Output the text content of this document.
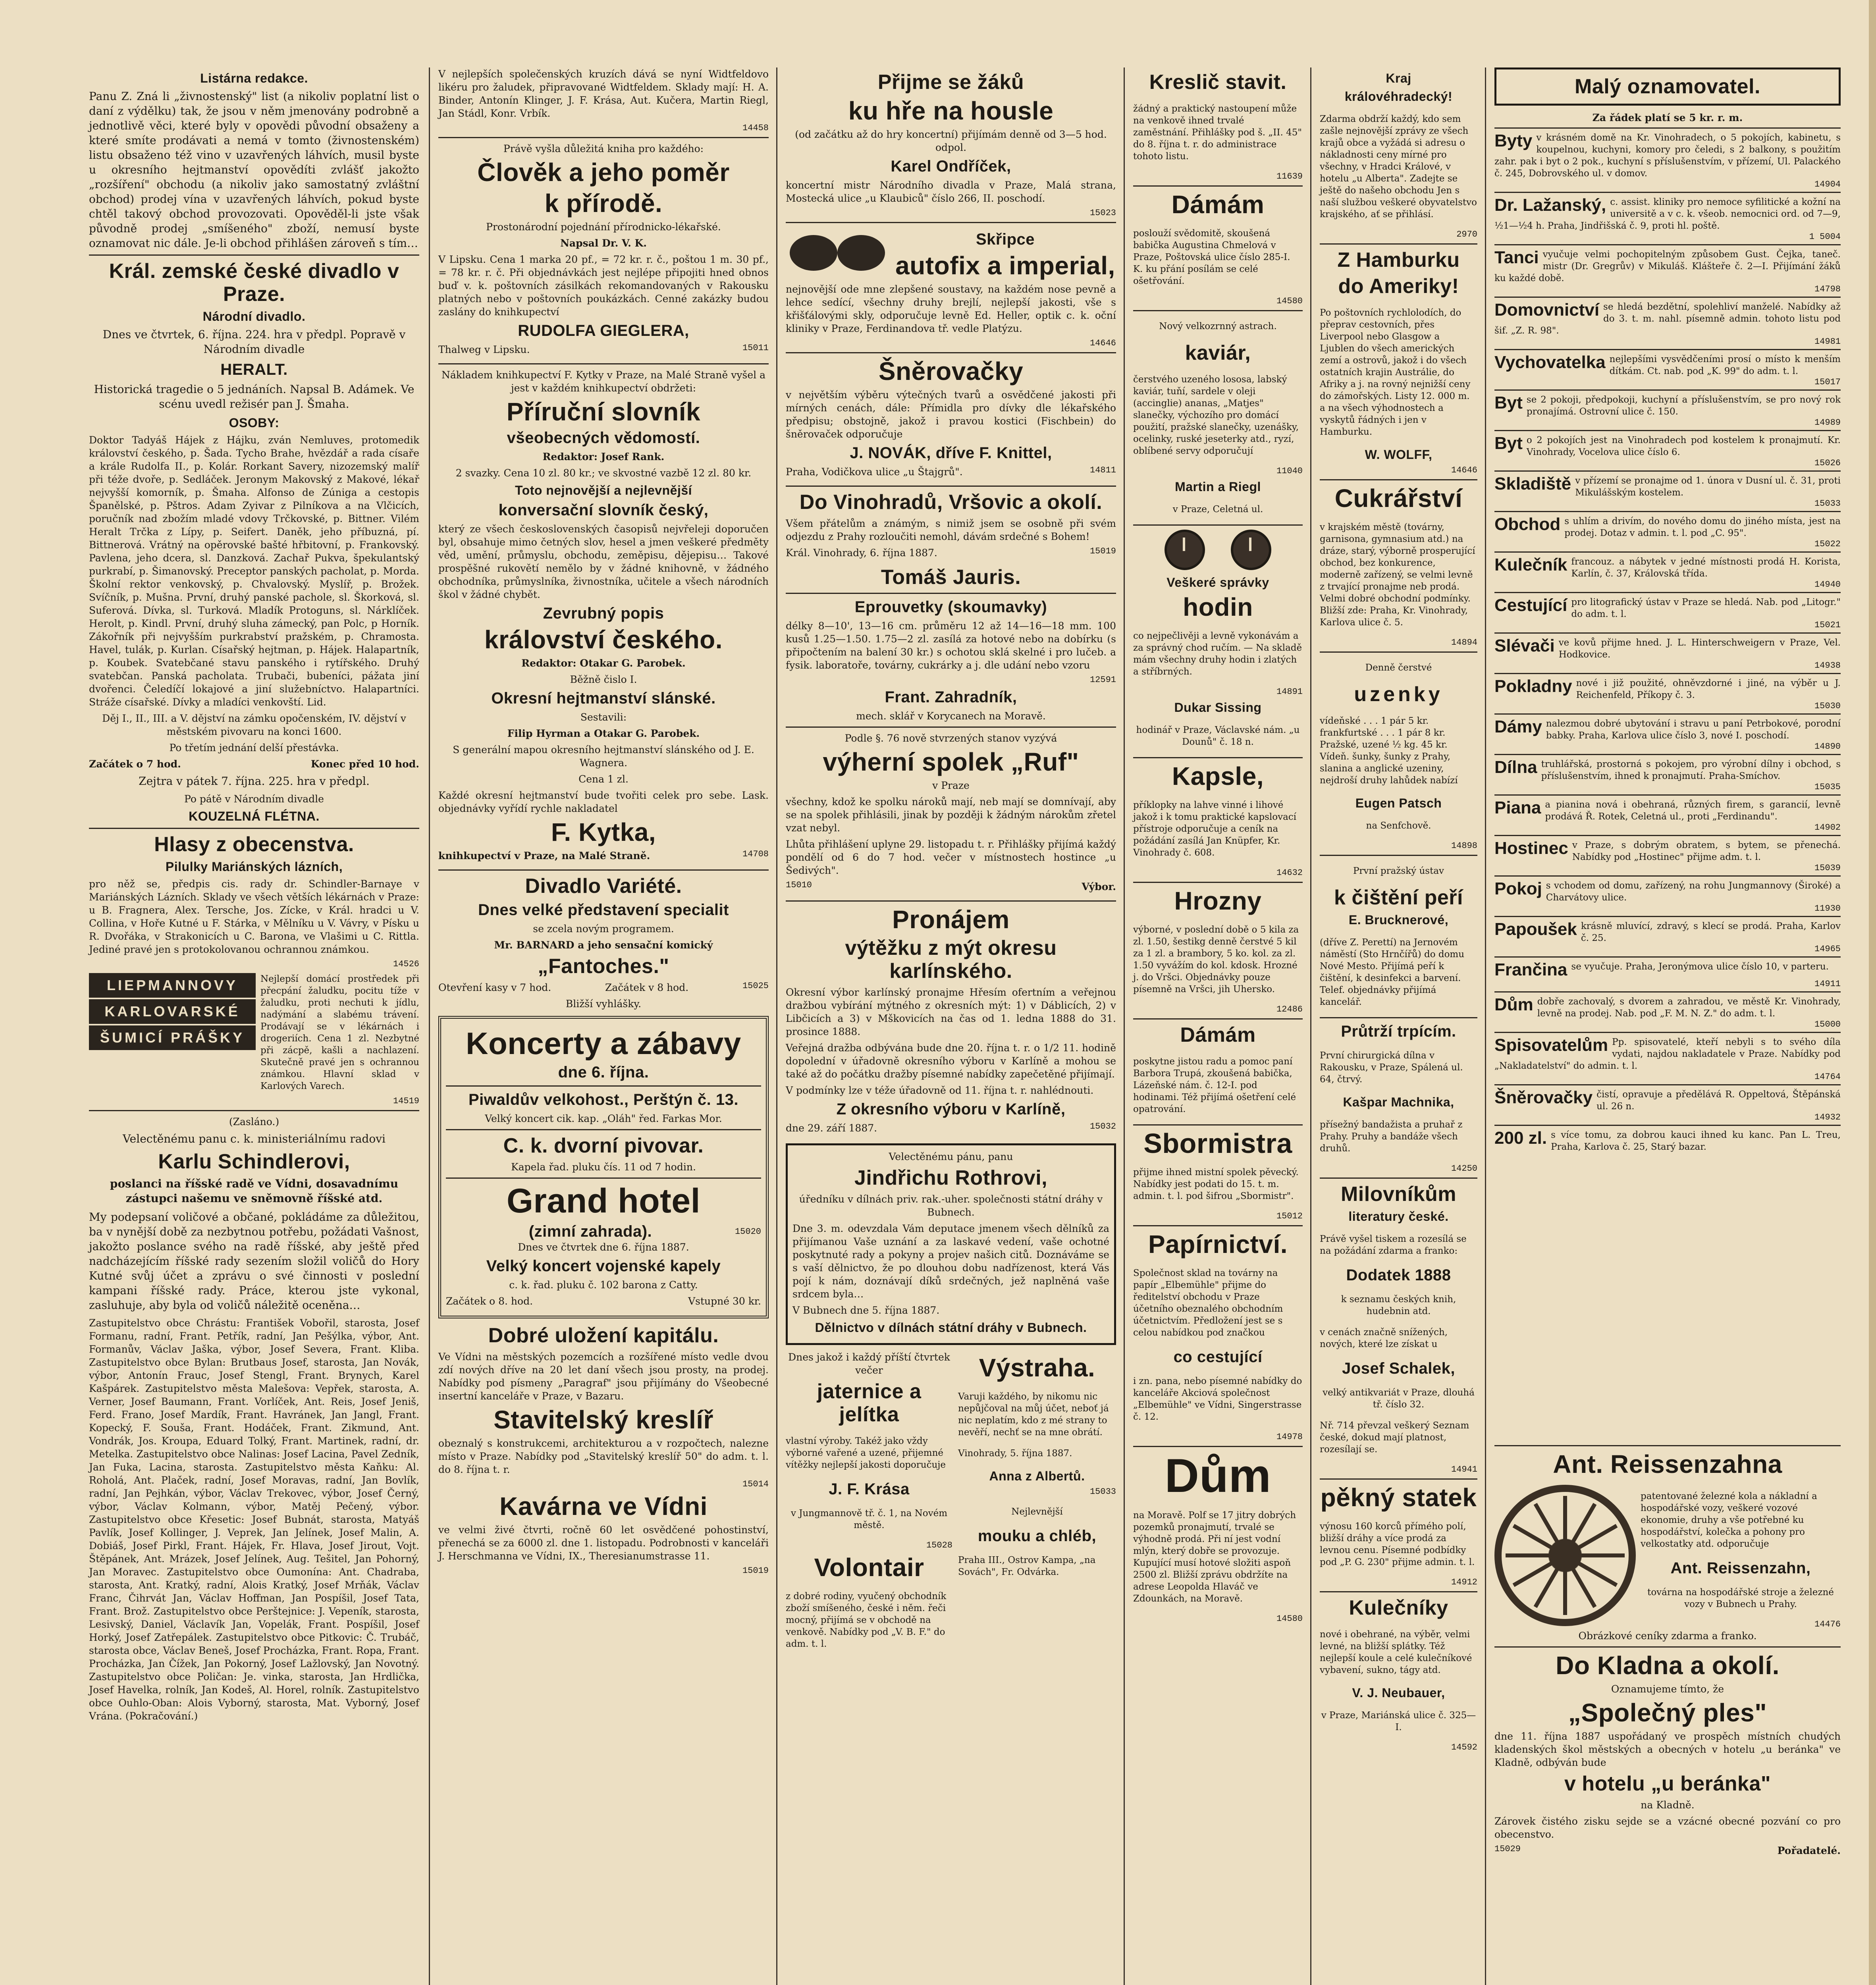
Listárna redakce.

Panu Z. Zná li „živnostenský" list (a nikoliv poplatní list o daní z výdělku) tak, že jsou v něm jmenovány podrobně a jednotlivě věci, které byly v opovědi původní obsaženy a které smíte prodávati a nemá v tomto (živnostenském) listu obsaženo též vino v uzavřených láhvích, musil byste u okresního hejtmanství opovědíti zvlášť jakožto „rozšíření" obchodu (a nikoliv jako samostatný zvláštní obchod) prodej vína v uzavřených láhvích, pokud byste chtěl takový obchod provozovati. Opověděl-li jste však původně prodej „smíšeného" zboží, nemusí byste oznamovat nic dále. Je-li obchod přihlášen zároveň s tím…

Král. zemské české divadlo v Praze.
Národní divadlo.

Dnes ve čtvrtek, 6. října. 224. hra v předpl. Popravě v Národním divadle

HERALT.

Historická tragedie o 5 jednáních. Napsal B. Adámek. Ve scénu uvedl režisér pan J. Šmaha.

OSOBY:

Doktor Tadyáš Hájek z Hájku, zván Nemluves, protomedik království českého, p. Šada. Tycho Brahe, hvězdář a rada císaře a krále Rudolfa II., p. Kolár. Rorkant Savery, nizozemský malíř při téže dvoře, p. Sedláček. Jeronym Makovský z Makové, lékař nejvyšší komorník, p. Šmaha. Alfonso de Zúniga a cestopis Španělské, p. Pštros. Adam Zyivar z Pilníkova a na Vlčicích, poručník nad zbožím mladé vdovy Trčkovské, p. Bittner. Vilém Heralt Trčka z Lípy, p. Seifert. Daněk, jeho příbuzná, pí. Bittnerová. Vrátný na opěrovské bašté hřbitovní, p. Frankovský. Pavlena, jeho dcera, sl. Danzková. Zachař Pukva, špekulantský purkrabí, p. Šimanovský. Preceptor panských pacholat, p. Morda. Školní rektor venkovský, p. Chvalovský. Myslíř, p. Brožek. Svíčník, p. Mušna. První, druhý panské pachole, sl. Škorková, sl. Suferová. Dívka, sl. Turková. Mladík Protoguns, sl. Nárklíček. Herolt, p. Kindl. První, druhý sluha zámecký, pan Polc, p Horník. Zákořník při nejvyšším purkrabství pražském, p. Chramosta. Havel, tulák, p. Kurlan. Císařský hejtman, p. Hájek. Halapartník, p. Koubek. Svatebčané stavu panského i rytířského. Druhý svatebčan. Panská pacholata. Trubači, bubeníci, pážata jiní dvořenci. Čeledíčí lokajové a jiní služebníctvo. Halapartníci. Stráže císařské. Dívky a mladíci venkovští. Lid.

Děj I., II., III. a V. dějství na zámku opočenském, IV. dějství v městském pivovaru na konci 1600.

Po třetím jednání delší přestávka.

Začátek o 7 hod.	Konec před 10 hod.

Zejtra v pátek 7. října. 225. hra v předpl.

Po pátě v Národním divadle

KOUZELNÁ FLÉTNA.
Hlasy z obecenstva.
Pilulky Mariánských lázních,

pro něž se, předpis cis. rady dr. Schindler-Barnaye v Mariánských Lázních. Sklady ve všech větších lékárnách v Praze: u B. Fragnera, Alex. Tersche, Jos. Zícke, v Král. hradci u V. Collina, v Hoře Kutné u F. Stárka, v Mělníku u V. Vávry, v Písku u R. Dvořáka, v Strakonicích u C. Barona, ve Vlašimi u C. Rittla. Jediné pravé jen s protokolovanou ochrannou známkou.

14526
LIEPMANNOVY
KARLOVARSKÉ
ŠUMICÍ PRÁŠKY

Nejlepší domácí prostředek při přecpání žaludku, pocitu tíže v žaludku, proti nechuti k jídlu, nadýmání a slabému trávení. Prodávají se v lékárnách i drogeriích. Cena 1 zl. Nezbytné při zácpě, kašli a nachlazení. Skutečně pravé jen s ochrannou známkou. Hlavní sklad v Karlových Varech.

14519

(Zasláno.)

Velectěnému panu c. k. ministeriálnímu radovi

Karlu Schindlerovi,

poslanci na říšské radě ve Vídni, dosavadnímu zástupci našemu ve sněmovně říšské atd.

My podepsaní voličové a občané, pokládáme za důležitou, ba v nynější době za nezbytnou potřebu, požádati Vašnost, jakožto poslance svého na radě říšské, aby ještě před nadcházejícím říšské rady sezením složil voličů do Hory Kutné svůj účet a zprávu o své činnosti v poslední kampani říšské rady. Práce, kterou jste vykonal, zasluhuje, aby byla od voličů náležitě oceněna…

Zastupitelstvo obce Chrástu: František Vobořil, starosta, Josef Formanu, radní, Frant. Petřík, radní, Jan Pešýlka, výbor, Ant. Formanův, Václav Jaška, výbor, Josef Severa, Frant. Kliba. Zastupitelstvo obce Bylan: Brutbaus Josef, starosta, Jan Novák, výbor, Antonín Frauc, Josef Stengl, Frant. Brynych, Karel Kašpárek. Zastupitelstvo města Malešova: Vepřek, starosta, A. Verner, Josef Baumann, Frant. Vorlíček, Ant. Reis, Josef Jeniš, Ferd. Frano, Josef Mardík, Frant. Havránek, Jan Jangl, Frant. Kopecký, F. Souša, Frant. Hodáček, Frant. Zikmund, Ant. Vondrák, Jos. Kroupa, Eduard Tolký, Frant. Martinek, radní, dr. Metelka. Zastupitelstvo obce Nalinas: Josef Lacina, Pavel Zedník, Jan Fuka, Lacina, starosta. Zastupitelstvo města Kaňku: Al. Roholá, Ant. Plaček, radní, Josef Moravas, radní, Jan Bovlík, radní, Jan Pejhkán, výbor, Václav Trekovec, výbor, Josef Černý, výbor, Václav Kolmann, výbor, Matěj Pečený, výbor. Zastupitelstvo obce Křesetic: Josef Bubnát, starosta, Matyáš Pavlík, Josef Kollinger, J. Veprek, Jan Jelínek, Josef Malin, A. Dobiáš, Josef Pirkl, Frant. Hájek, Fr. Hlava, Josef Jirout, Vojt. Štěpánek, Ant. Mrázek, Josef Jelínek, Aug. Tešitel, Jan Pohorný, Jan Moravec. Zastupitelstvo obce Oumonína: Ant. Chadraba, starosta, Ant. Kratký, radní, Alois Kratký, Josef Mrňák, Václav Franc, Čihrvát Jan, Václav Hoffman, Jan Pospíšil, Josef Tata, Frant. Brož. Zastupitelstvo obce Perštejnice: J. Vepeník, starosta, Lesivský, Daniel, Václavík Jan, Vopelák, Frant. Pospíšil, Josef Horký, Josef Zatřepálek. Zastupitelstvo obce Pitkovic: Č. Trubáč, starosta obce, Václav Beneš, Josef Procházka, Frant. Ropa, Frant. Procházka, Jan Čížek, Jan Pokorný, Josef Lažlovský, Jan Novotný. Zastupitelstvo obce Poličan: Je. vinka, starosta, Jan Hrdlička, Josef Havelka, rolník, Jan Kodeš, Al. Horel, rolník. Zastupitelstvo obce Ouhlo-Oban: Alois Vyborný, starosta, Mat. Vyborný, Josef Vrána. (Pokračování.)

V nejlepších společenských kruzích dává se nyní Widtfeldovo likéru pro žaludek, připravované Widtfeldem. Sklady mají: H. A. Binder, Antonín Klinger, J. F. Krása, Aut. Kučera, Martin Riegl, Jan Stádl, Konr. Vrbík.

14458

Právě vyšla důležitá kniha pro každého:

Člověk a jeho poměr
k přírodě.

Prostonárodní pojednání přírodnicko-lékařské.

Napsal Dr. V. K.

V Lipsku. Cena 1 marka 20 pf., = 72 kr. r. č., poštou 1 m. 30 pf., = 78 kr. r. č. Při objednávkách jest nejlépe připojiti hned obnos buď v. k. poštovních zásilkách rekomandovaných v Rakousku platných nebo v poštovních poukázkách. Cenné zakázky budou zaslány do knihkupectví

RUDOLFA GIEGLERA,
Thalweg v Lipsku.	15011

Nákladem knihkupectví F. Kytky v Praze, na Malé Straně vyšel a jest v každém knihkupectví obdržeti:

Příruční slovník
všeobecných vědomostí.

Redaktor: Josef Rank.

2 svazky. Cena 10 zl. 80 kr.; ve skvostné vazbě 12 zl. 80 kr.

Toto nejnovější a nejlevnější
konversační slovník český,

který ze všech československých časopisů nejvřeleji doporučen byl, obsahuje mimo četných slov, hesel a jmen veškeré předměty věd, umění, průmyslu, obchodu, zeměpisu, dějepisu… Takové prospěšné rukovětí nemělo by v žádné knihovně, v žádného obchodníka, průmyslníka, živnostníka, učitele a všech národních škol v žádné chybět.

Zevrubný popis
království českého.

Redaktor: Otakar G. Parobek.

Běžně čislo I.

Okresní hejtmanství slánské.

Sestavili:

Filip Hyrman a Otakar G. Parobek.

S generální mapou okresního hejtmanství slánského od J. E. Wagnera.

Cena 1 zl.

Každé okresní hejtmanství bude tvořiti celek pro sebe. Lask. objednávky vyřídí rychle nakladatel

F. Kytka,
knihkupectví v Praze, na Malé Straně.	14708
Divadlo Variété.
Dnes velké představení specialit

se zcela novým programem.

Mr. BARNARD a jeho sensační komický

„Fantoches."
Otevření kasy v 7 hod.	Začátek v 8 hod.	15025

Bližší vyhlášky.

Koncerty a zábavy
dne 6. října.
Piwaldův velkohost., Perštýn č. 13.

Velký koncert cik. kap. „Oláh" řed. Farkas Mor.

C. k. dvorní pivovar.

Kapela řad. pluku čís. 11 od 7 hodin.

Grand hotel
(zimní zahrada).	15020

Dnes ve čtvrtek dne 6. října 1887.

Velký koncert vojenské kapely

c. k. řad. pluku č. 102 barona z Catty.

Začátek o 8. hod.	Vstupné 30 kr.
Dobré uložení kapitálu.

Ve Vídni na městských pozemcích a rozšířené místo vedle dvou zdí nových dříve na 20 let daní všech jsou prosty, na prodej. Nabídky pod písmeny „Paragraf" jsou přijímány do Všeobecné insertní kanceláře v Praze, v Bazaru.

Stavitelský kreslíř

obeznalý s konstrukcemi, architekturou a v rozpočtech, nalezne místo v Praze. Nabídky pod „Stavitelský kreslíř 50" do adm. t. l. do 8. října t. r.

15014
Kavárna ve Vídni

ve velmi živé čtvrti, ročně 60 let osvědčené pohostinství, přenechá se za 6000 zl. dne 1. listopadu. Podrobnosti v kanceláři J. Herschmanna ve Vídni, IX., Theresianumstrasse 11.

15019
Přijme se žáků
ku hře na housle

(od začátku až do hry koncertní) přijímám denně od 3—5 hod. odpol.

Karel Ondříček,

koncertní mistr Národního divadla v Praze, Malá strana, Mostecká ulice „u Klaubiců" číslo 266, II. poschodí.

15023
Skřipce
autofix a imperial,

nejnovější ode mne zlepšené soustavy, na každém nose pevně a lehce sedící, všechny druhy brejlí, nejlepší jakosti, vše s křišťálovými skly, odporučuje levně Ed. Heller, optik c. k. oční kliniky v Praze, Ferdinandova tř. vedle Platýzu.

14646
Šněrovačky

v největším výběru výtečných tvarů a osvědčené jakosti při mírných cenách, dále: Přímidla pro dívky dle lékařského předpisu; obstojně, jakož i pravou kostici (Fischbein) do šněrovaček odporučuje

J. NOVÁK, dříve F. Knittel,
Praha, Vodičkova ulice „u Štajgrů".	14811
Do Vinohradů, Vršovic a okolí.

Všem přátelům a známým, s nimiž jsem se osobně při svém odjezdu z Prahy rozloučiti nemohl, dávám srdečné s Bohem!

Král. Vinohrady, 6. října 1887.	15019
Tomáš Jauris.
Eprouvetky (skoumavky)

délky 8—10', 13—16 cm. průměru 12 až 14—16—18 mm. 100 kusů 1.25—1.50. 1.75—2 zl. zasílá za hotové nebo na dobírku (s připočtením na balení 30 kr.) s ochotou sklá skelné i pro lučeb. a fysik. laboratoře, továrny, cukrárky a j. dle udání nebo vzoru

12591
Frant. Zahradník,

mech. sklář v Korycanech na Moravě.

Podle §. 76 nově stvrzených stanov vyzývá

výherní spolek „Ruf"

v Praze

všechny, kdož ke spolku nároků mají, neb mají se domnívají, aby se na spolek přihlásili, jinak by později k žádným nárokům zřetel vzat nebyl.

Lhůta přihlášení uplyne 29. listopadu t. r. Přihlášky přijímá každý pondělí od 6 do 7 hod. večer v místnostech hostince „u Šedivých".

15010	Výbor.
Pronájem
výtěžku z mýt okresu karlínského.

Okresní výbor karlínský pronajme Hřesím ofertním a veřejnou dražbou vybírání mýtného z okresních mýt: 1) v Dáblicích, 2) v Libčicích a 3) v Mškovicích na čas od 1. ledna 1888 do 31. prosince 1888.

Veřejná dražba odbývána bude dne 20. října t. r. o 1/2 11. hodině dopolední v úřadovně okresního výboru v Karlíně a mohou se také až do počátku dražby písemné nabídky zapečetěné přijímají.

V podmínky lze v téže úřadovně od 11. října t. r. nahlédnouti.

Z okresního výboru v Karlíně,
dne 29. září 1887.	15032

Velectěnému pánu, panu

Jindřichu Rothrovi,

úředníku v dílnách priv. rak.-uher. společnosti státní dráhy v Bubnech.

Dne 3. m. odevzdala Vám deputace jmenem všech dělníků za přijímanou Vaše uznání a za laskavé vedení, vaše ochotné poskytnuté rady a pokyny a projev našich citů. Doznáváme se s vaší dělnictvo, že po dlouhou dobu nadřízenost, která Vás pojí k nám, doznávají díků srdečných, jež naplněná vaše srdcem byla…

V Bubnech dne 5. října 1887.

Dělnictvo v dílnách státní dráhy v Bubnech.

Dnes jakož i každý příští čtvrtek večer

jaternice a jelítka

vlastní výroby. Takéž jako vždy výborné vařené a uzené, přijemné vítěžky nejlepší jakosti doporučuje

J. F. Krása

v Jungmannově tř. č. 1, na Novém městě.

15028
Volontair

z dobré rodiny, vyučený obchodník zboží smíšeného, české i něm. řeči mocný, přijímá se v obchodě na venkově. Nabídky pod „V. B. F." do adm. t. l.

Výstraha.

Varuji každého, by nikomu nic nepůjčoval na můj účet, neboť já nic neplatím, kdo z mé strany to nevěří, nechť se na mne obrátí.

Vinohrady, 5. října 1887.

Anna z Albertů.
15033

Nejlevnější

mouku a chléb,

Praha III., Ostrov Kampa, „na Sovách", Fr. Odvárka.

Kreslič stavit.

žádný a praktický nastoupení může na venkově ihned trvalé zaměstnání. Přihlášky pod š. „II. 45" do 8. října t. r. do administrace tohoto listu.

11639
Dámám

poslouží svědomitě, skoušená babička Augustina Chmelová v Praze, Poštovská ulice číslo 285-I. K. ku přání posílám se celé ošetřování.

14580

Nový velkozrnný astrach.

kaviár,

čerstvého uzeného lososa, labský kaviár, tuňí, sardele v oleji (accinglie) ananas, „Matjes" slanečky, výchozího pro domácí použití, pražské slanečky, uzenášky, ocelinky, ruské jeseterky atd., ryzí, oblíbené servy odporučují

11040
Martin a Riegl

v Praze, Celetná ul.

Veškeré správky
hodin

co nejpečlivěji a levně vykonávám a za správný chod ručím. — Na skladě mám všechny druhy hodin i zlatých a stříbrných.

14891
Dukar Sissing

hodinář v Praze, Václavské nám. „u Dounů" č. 18 n.

Kapsle,

příklopky na lahve vinné i lihové jakož i k tomu praktické kapslovací přístroje odporučuje a ceník na požádání zasílá Jan Knüpfer, Kr. Vinohrady č. 608.

14632
Hrozny

výborné, v poslední době o 5 kila za zl. 1.50, šestikg denně čerstvé 5 kil za 1 zl. a brambory, 5 ko. kol. za zl. 1.50 vyvážím do kol. kdosk. Hrozné j. do Vršci. Objednávky pouze písemně na Vršci, jih Uhersko.

12486
Dámám

poskytne jistou radu a pomoc paní Barbora Trupá, zkoušená babička, Lázeňské nám. č. 12-I. pod hodinami. Též přijímá ošetření celé opatrování.

Sbormistra

přijme ihned mistní spolek pěvecký. Nabídky jest podati do 15. t. m. admin. t. l. pod šifrou „Sbormistr".

15012
Papírnictví.

Společnost sklad na továrny na papír „Elbemühle" přijme do ředitelství obchodu v Praze účetního obeznalého obchodním účetnictvím. Předložení jest se s celou nabídkou pod značkou

co cestující

i zn. pana, nebo písemné nabídky do kanceláře Akciová společnost „Elbemühle" ve Vídni, Singerstrasse č. 12.

14978
Dům

na Moravě. Polf se 17 jitry dobrých pozemků pronajmutí, trvalé se výhodně prodá. Při ní jest vodní mlýn, který dobře se provozuje. Kupující musí hotové složiti aspoň 2500 zl. Bližší zprávu obdržíte na adrese Leopolda Hlaváč ve Zdounkách, na Moravě.

14580
Kraj
královéhradecký!

Zdarma obdrží každý, kdo sem zašle nejnovější zprávy ze všech krajů obce a vyžádá si adresu o nákladnosti ceny mírné pro všechny, v Hradci Králové, v hotelu „u Alberta". Zadejte se ještě do našeho obchodu Jen s naší službou veškeré obyvatelstvo krajského, ať se přihlásí.

2970
Z Hamburku
do Ameriky!

Po poštovních rychlolodích, do přeprav cestovních, přes Liverpool nebo Glasgow a Ljublen do všech amerických zemí a ostrovů, jakož i do všech ostatních krajin Austrálie, do Afriky a j. na rovný nejnižší ceny do zámořských. Listy 12. 000 m. a na všech výhodnostech a vyskytů řádných i jen v Hamburku.

W. WOLFF,
14646
Cukrářství

v krajském městě (továrny, garnisona, gymnasium atd.) na dráze, starý, výborně prosperující obchod, bez konkurence, moderně zařízený, se velmi levně z trvající pronajme neb prodá. Velmi dobré obchodní podmínky. Bližší zde: Praha, Kr. Vinohrady, Karlova ulice č. 5.

14894

Denně čerstvé

uzenky

vídeňské . . . 1 pár 5 kr. frankfurtské . . . 1 pár 8 kr. Pražské, uzené ½ kg. 45 kr. Vídeň. šunky, šunky z Prahy, slanina a anglické uzeniny, nejdroší druhy lahůdek nabízí

Eugen Patsch

na Senfchově.

14898

První pražský ústav

k čištění peří
E. Brucknerové,

(dříve Z. Perettí) na Jernovém náměstí (Sto Hrnčířů) do domu Nové Mesto. Přijímá peří k čištění, k desinfekci a barvení. Telef. objednávky přijímá kancelář.

Průtrží trpícím.

První chirurgická dílna v Rakousku, v Praze, Spálená ul. 64, čtrvý.

Kašpar Machnika,

přísežný bandažista a pruhař z Prahy. Pruhy a bandáže všech druhů.

14250
Milovníkům
literatury české.

Právě vyšel tiskem a rozesílá se na požádání zdarma a franko:

Dodatek 1888

k seznamu českých knih, hudebnin atd.

v cenách značně snížených, nových, které lze získat u

Josef Schalek,

velký antikvariát v Praze, dlouhá tř. číslo 32.

Nř. 714 převzal veškerý Seznam české, dokud mají platnost, rozesílají se.

14941
pěkný statek

výnosu 160 korců přímého polí, bližší dráhy a více prodá za levnou cenu. Písemné podbídky pod „P. G. 230" přijme admin. t. l.

14912
Kulečníky

nové i obehrané, na výběr, velmi levné, na bližší splátky. Též nejlepší koule a celé kulečníkové vybavení, sukno, tágy atd.

V. J. Neubauer,

v Praze, Mariánská ulice č. 325—I.

14592
Malý oznamovatel.

Za řádek platí se 5 kr. r. m.

Byty v krásném domě na Kr. Vinohradech, o 5 pokojích, kabinetu, s koupelnou, kuchyni, komory pro čeledi, s 2 balkony, s použitím zahr. pak i byt o 2 pok., kuchyní s příslušenstvím, v přízemí, Ul. Palackého č. 245, Dobrovského ul. v domov.
14904
Dr. Lažanský, c. assist. kliniky pro nemoce syfilitické a kožní na universitě a v c. k. všeob. nemocnici ord. od 7—9, ½1—½4 h. Praha, Jindřišská č. 9, proti hl. poště.
1 5004
Tanci vyučuje velmi pochopitelným způsobem Gust. Čejka, taneč. mistr (Dr. Gregrův) v Mikuláš. Klášteře č. 2—I. Přijímání žáků ku každé době.
14798
Domovnictví se hledá bezdětní, spolehliví manželé. Nabídky až do 3. t. m. nahl. písemně admin. tohoto listu pod šif. „Z. R. 98".
14981
Vychovatelka nejlepšími vysvědčeními prosí o místo k menším dítkám. Ct. nab. pod „K. 99" do adm. t. l.
15017
Byt se 2 pokoji, předpokoji, kuchyní a příslušenstvím, se pro nový rok pronajímá. Ostrovní ulice č. 150.
14989
Byt o 2 pokojích jest na Vinohradech pod kostelem k pronajmutí. Kr. Vinohrady, Vocelova ulice číslo 6.
15026
Skladiště v přízemí se pronajme od 1. února v Dusní ul. č. 31, proti Mikulášským kostelem.
15033
Obchod s uhlím a drivím, do nového domu do jiného místa, jest na prodej. Dotaz v admin. t. l. pod „C. 95".
15022
Kulečník francouz. a nábytek v jedné místnosti prodá H. Korista, Karlín, č. 37, Královská třída.
14940
Cestující pro litografický ústav v Praze se hledá. Nab. pod „Litogr." do adm. t. l.
15021
Slévači ve kovů přijme hned. J. L. Hinterschweigern v Praze, Vel. Hodkovice.
14938
Pokladny nové i již použité, ohněvzdorné i jiné, na výběr u J. Reichenfeld, Příkopy č. 3.
15030
Dámy nalezmou dobré ubytování i stravu u paní Petrbokové, porodní babky. Praha, Karlova ulice číslo 3, nové I. poschodí.
14890
Dílna truhlářská, prostorná s pokojem, pro výrobní dílny i obchod, s příslušenstvím, ihned k pronajmutí. Praha-Smíchov.
15035
Piana a pianina nová i obehraná, různých firem, s garancií, levně prodává Ř. Rotek, Celetná ul., proti „Ferdinandu".
14902
Hostinec v Praze, s dobrým obratem, s bytem, se přenechá. Nabídky pod „Hostinec" přijme adm. t. l.
15039
Pokoj s vchodem od domu, zařízený, na rohu Jungmannovy (Široké) a Charvátovy ulice.
11930
Papoušek krásně mluvící, zdravý, s klecí se prodá. Praha, Karlov č. 25.
14965
Frančina se vyučuje. Praha, Jeronýmova ulice číslo 10, v parteru.
14911
Dům dobře zachovalý, s dvorem a zahradou, ve městě Kr. Vinohrady, levně na prodej. Nab. pod „F. M. N. Z." do adm. t. l.
15000
Spisovatelům Pp. spisovatelé, kteří nebyli s to svého díla vydati, najdou nakladatele v Praze. Nabídky pod „Nakladatelství" do admin. t. l.
14764
Šněrovačky čistí, opravuje a předělává R. Oppeltová, Štěpánská ul. 26 n.
14932
200 zl. s více tomu, za dobrou kauci ihned ku kanc. Pan L. Treu, Praha, Karlova č. 25, Starý bazar.
Ant. Reissenzahna

patentované železné kola a nákladní a hospodářské vozy, veškeré vozové ekonomie, druhy a vše potřebné ku hospodářství, kolečka a pohony pro velkostatky atd. odporučuje

Ant. Reissenzahn,

továrna na hospodářské stroje a železné vozy v Bubnech u Prahy.

14476

Obrázkové ceníky zdarma a franko.

Do Kladna a okolí.

Oznamujeme tímto, že

„Společný ples"

dne 11. října 1887 uspořádaný ve prospěch místních chudých kladenských škol městských a obecných v hotelu „u beránka" ve Kladně, odbýván bude

v hotelu „u beránka"

na Kladně.

Zárovek čistého zisku sejde se a vzácné obecné pozvání co pro obecenstvo.

15029	Pořadatelé.
